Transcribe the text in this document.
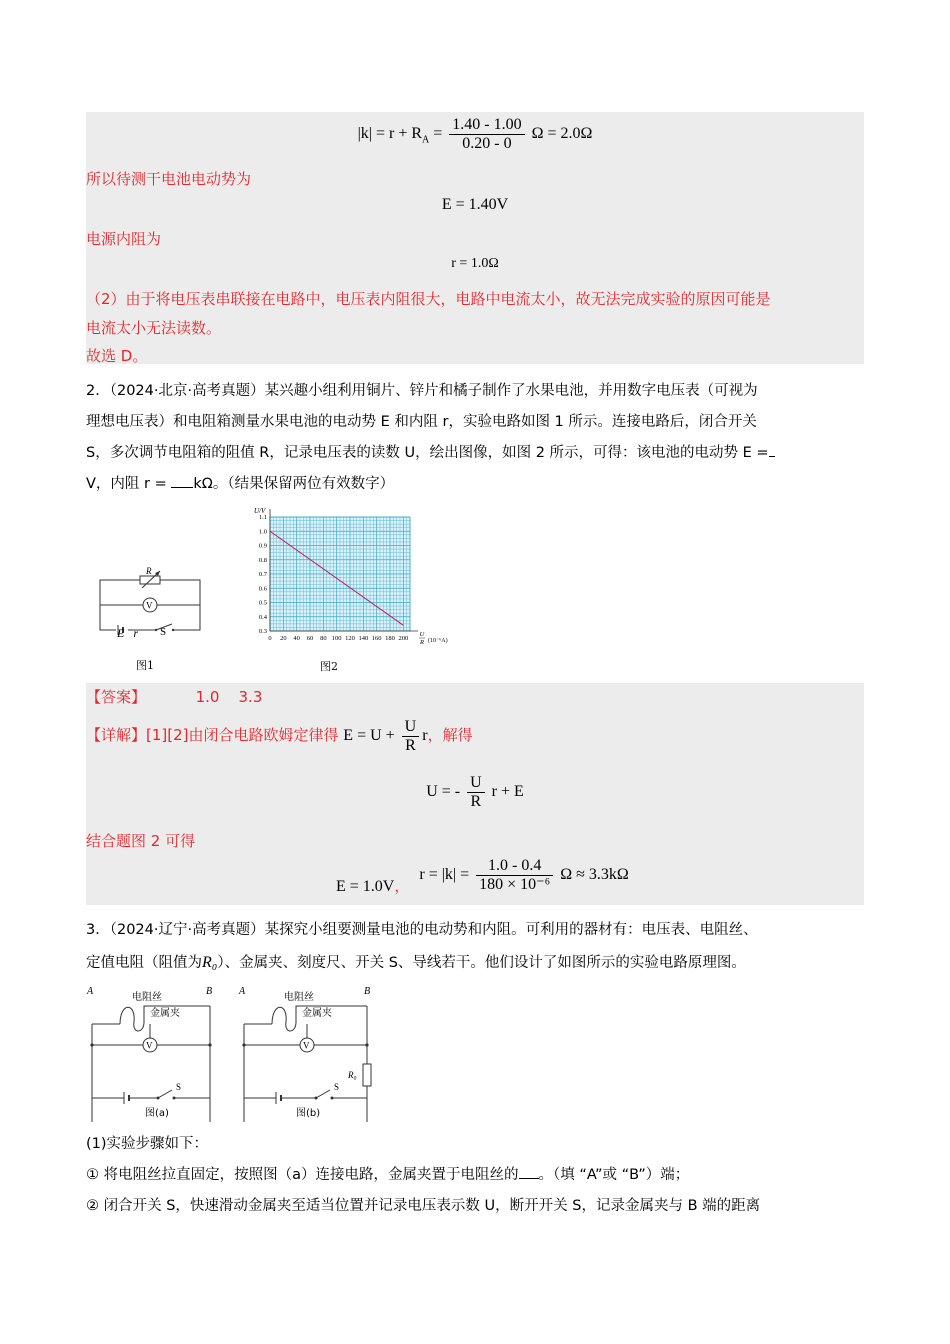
$|k| = r + R_A = \frac{1.40 - 1.00}{0.20 - 0}$ Ω = 2.0Ω
所以待测干电池电动势为
E = 1.40V
电源内阻为
r = 1.0Ω
（2）由于将电压表串联接在电路中，电压表内阻很大，电路中电流太小，故无法完成实验的原因可能是
电流太小无法读数。
故选 D。
2．（2024·北京·高考真题）某兴趣小组利用铜片、锌片和橘子制作了水果电池，并用数字电压表（可视为
理想电压表）和电阻箱测量水果电池的电动势 E 和内阻 r，实验电路如图 1 所示。连接电路后，闭合开关
S，多次调节电阻箱的阻值 R，记录电压表的读数 U，绘出图像，如图 2 所示，可得：该电池的电动势 E =
V，内阻 r = kΩ。（结果保留两位有效数字）
R
V
E r S
图1
0 20 40 60 80 100 120 140 160 180 200
0.3
0.4
0.5
0.6
0.7
0.8
0.9
1.0
1.1
U/V
U
R (10⁻⁶A)
图2
【答案】	1.0    3.3
【详解】[1][2]由闭合电路欧姆定律得 $E = U + \frac{U}{R}$ r，解得
U = - $\frac{U}{R}$ r + E
结合题图 2 可得
E = 1.0V， $r = |k| = \frac{1.0 - 0.4}{\text{180 × 10⁻⁶}}$ Ω ≈ 3.3kΩ
3．（2024·辽宁·高考真题）某探究小组要测量电池的电动势和内阻。可利用的器材有：电压表、电阻丝、
定值电阻（阻值为R₀）、金属夹、刻度尺、开关 S、导线若干。他们设计了如图所示的实验电路原理图。
A	B
电阻丝
金属夹
V
S
图(a)
A	B
电阻丝
金属夹
V
R₀
S
图(b)
(1)实验步骤如下：
① 将电阻丝拉直固定，按照图（a）连接电路，金属夹置于电阻丝的 。（填 “A”或 “B”）端；
② 闭合开关 S，快速滑动金属夹至适当位置并记录电压表示数 U，断开开关 S，记录金属夹与 B 端的距离
